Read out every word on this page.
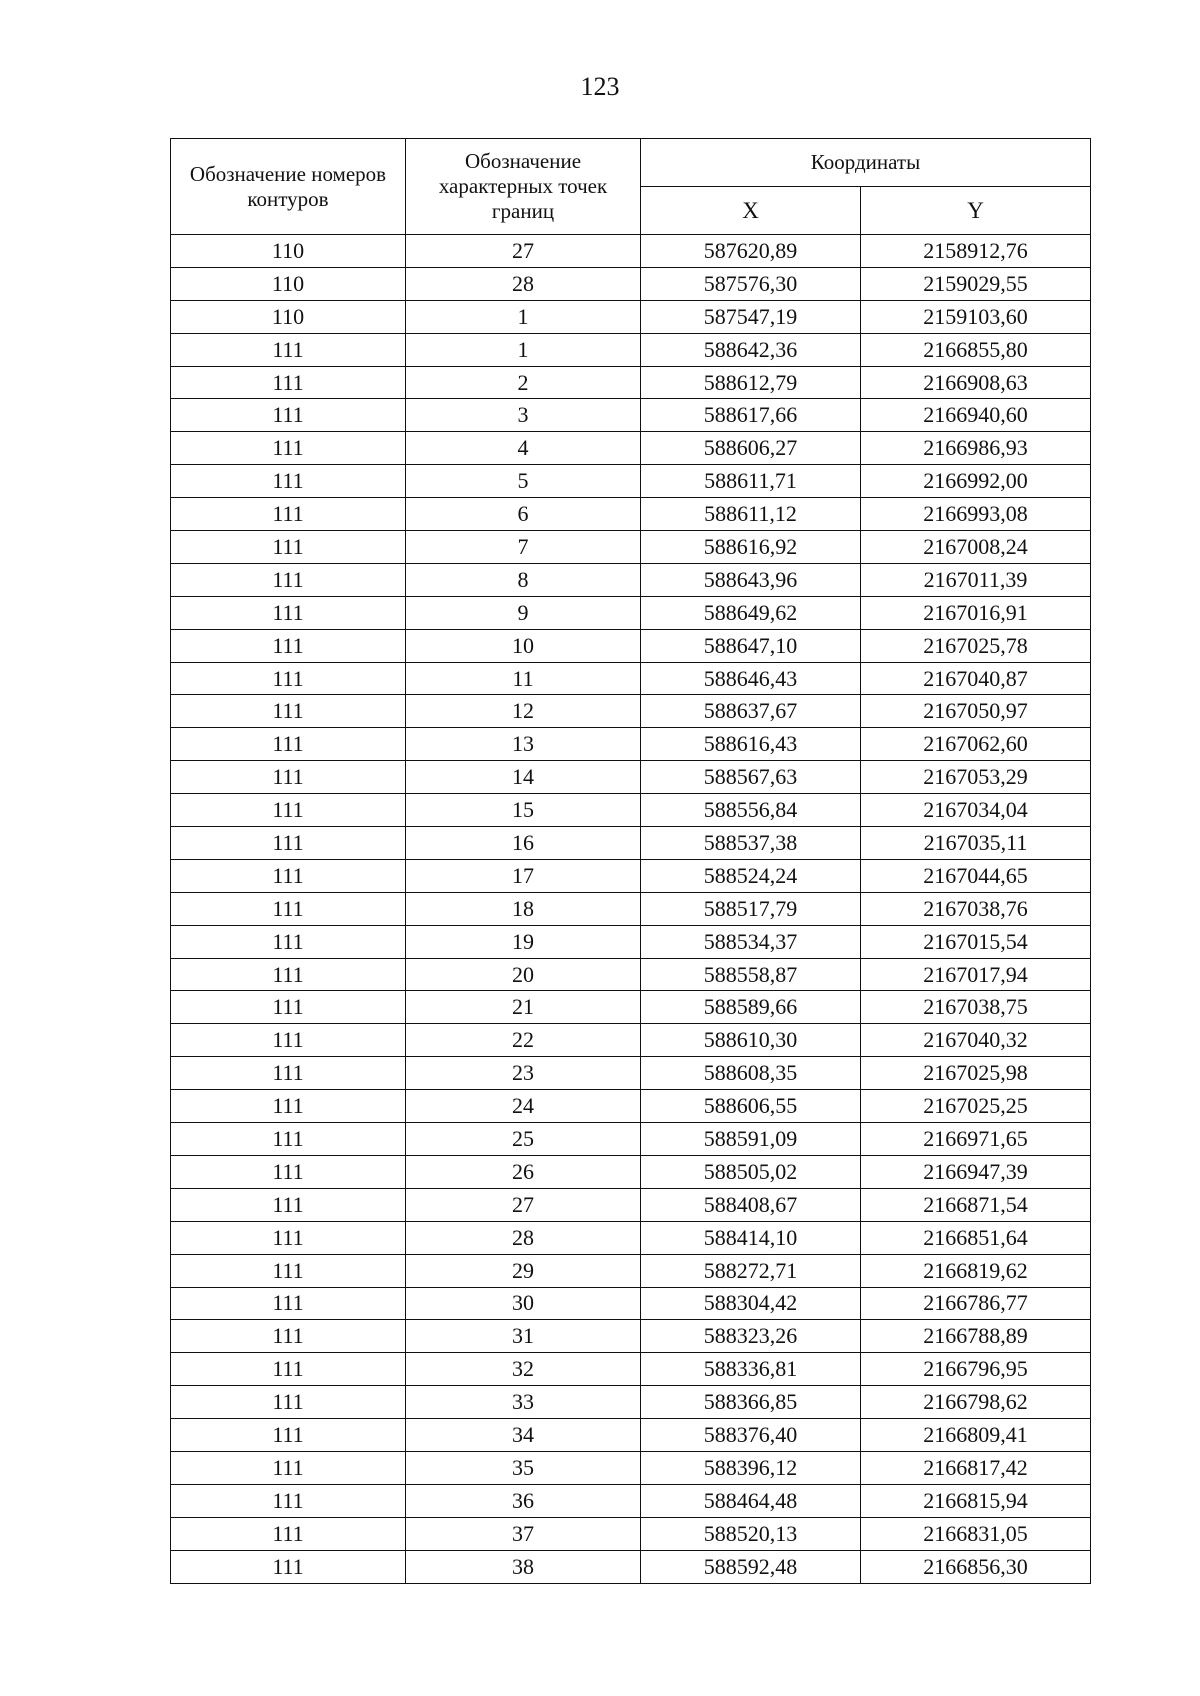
123
Обозначение номеров контуров	Обозначение характерных точек границ	Координаты	
		X	Y
110	27	587620,89	2158912,76
110	28	587576,30	2159029,55
110	1	587547,19	2159103,60
111	1	588642,36	2166855,80
111	2	588612,79	2166908,63
111	3	588617,66	2166940,60
111	4	588606,27	2166986,93
111	5	588611,71	2166992,00
111	6	588611,12	2166993,08
111	7	588616,92	2167008,24
111	8	588643,96	2167011,39
111	9	588649,62	2167016,91
111	10	588647,10	2167025,78
111	11	588646,43	2167040,87
111	12	588637,67	2167050,97
111	13	588616,43	2167062,60
111	14	588567,63	2167053,29
111	15	588556,84	2167034,04
111	16	588537,38	2167035,11
111	17	588524,24	2167044,65
111	18	588517,79	2167038,76
111	19	588534,37	2167015,54
111	20	588558,87	2167017,94
111	21	588589,66	2167038,75
111	22	588610,30	2167040,32
111	23	588608,35	2167025,98
111	24	588606,55	2167025,25
111	25	588591,09	2166971,65
111	26	588505,02	2166947,39
111	27	588408,67	2166871,54
111	28	588414,10	2166851,64
111	29	588272,71	2166819,62
111	30	588304,42	2166786,77
111	31	588323,26	2166788,89
111	32	588336,81	2166796,95
111	33	588366,85	2166798,62
111	34	588376,40	2166809,41
111	35	588396,12	2166817,42
111	36	588464,48	2166815,94
111	37	588520,13	2166831,05
111	38	588592,48	2166856,30
